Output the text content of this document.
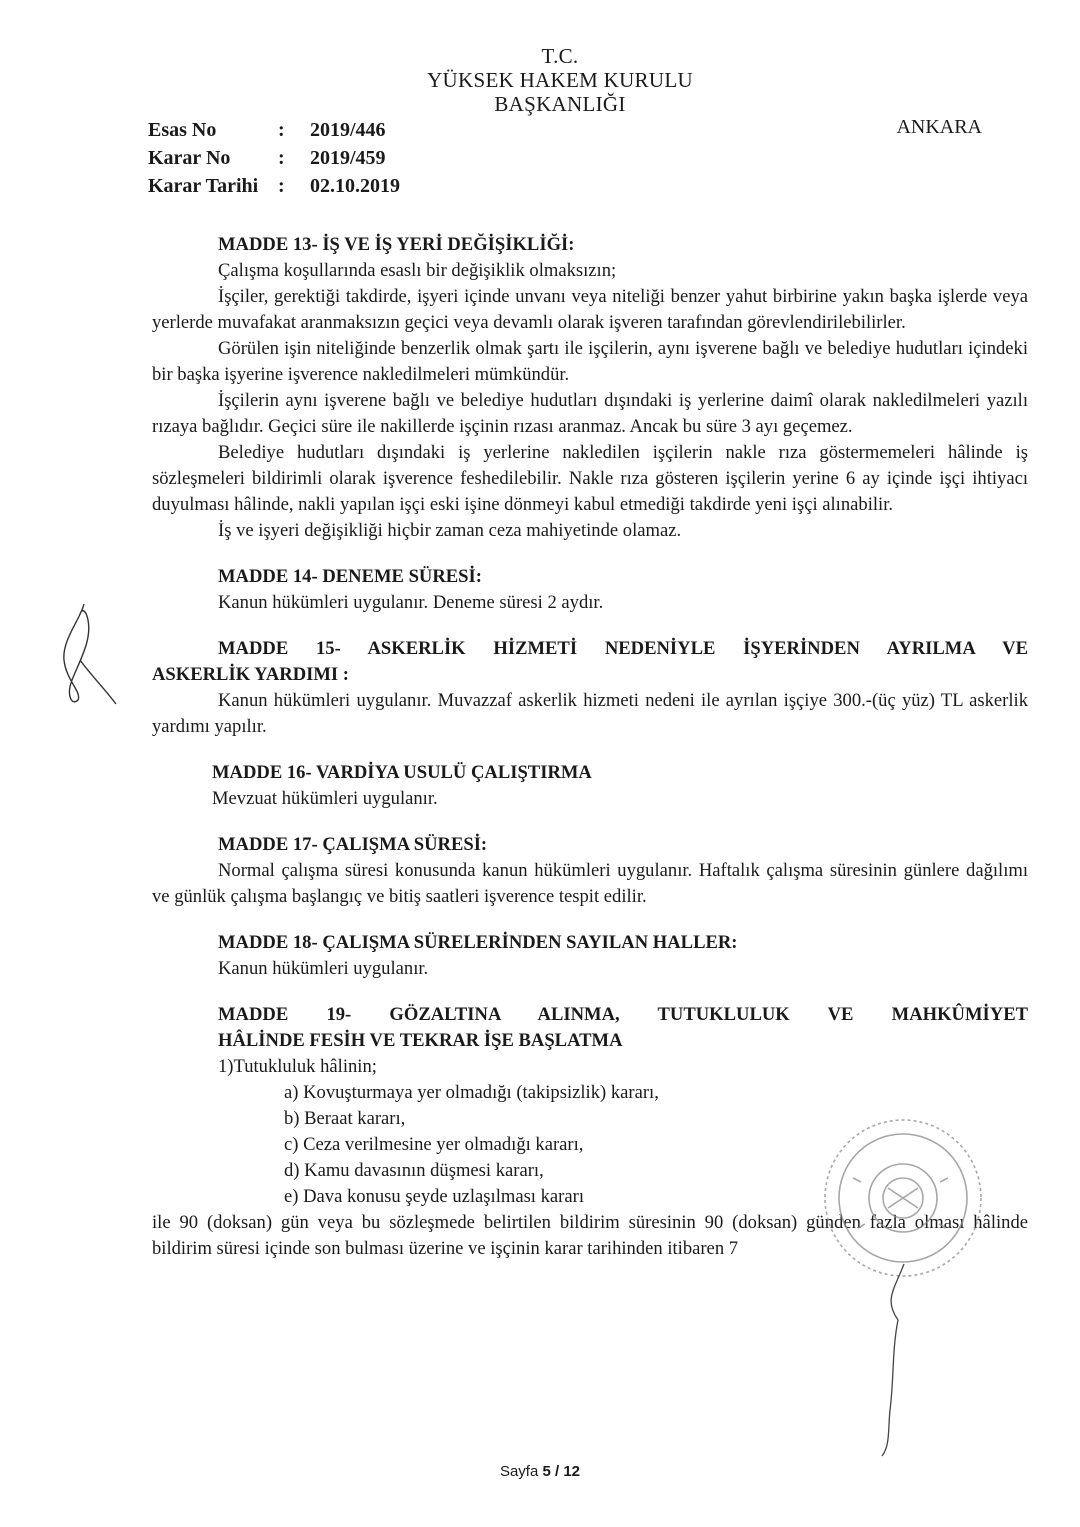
T.C.
YÜKSEK HAKEM KURULU
BAŞKANLIĞI
Esas No	:	2019/446
Karar No	:	2019/459
Karar Tarihi :	02.10.2019
ANKARA
MADDE 13- İŞ VE İŞ YERİ DEĞİŞİKLİĞİ:
Çalışma koşullarında esaslı bir değişiklik olmaksızın;

İşçiler, gerektiği takdirde, işyeri içinde unvanı veya niteliği benzer yahut birbirine yakın başka işlerde veya yerlerde muvafakat aranmaksızın geçici veya devamlı olarak işveren tarafından görevlendirilebilirler.

Görülen işin niteliğinde benzerlik olmak şartı ile işçilerin, aynı işverene bağlı ve belediye hudutları içindeki bir başka işyerine işverence nakledilmeleri mümkündür.

İşçilerin aynı işverene bağlı ve belediye hudutları dışındaki iş yerlerine daimî olarak nakledilmeleri yazılı rızaya bağlıdır. Geçici süre ile nakillerde işçinin rızası aranmaz. Ancak bu süre 3 ayı geçemez.

Belediye hudutları dışındaki iş yerlerine nakledilen işçilerin nakle rıza göstermemeleri hâlinde iş sözleşmeleri bildirimli olarak işverence feshedilebilir. Nakle rıza gösteren işçilerin yerine 6 ay içinde işçi ihtiyacı duyulması hâlinde, nakli yapılan işçi eski işine dönmeyi kabul etmediği takdirde yeni işçi alınabilir.

İş ve işyeri değişikliği hiçbir zaman ceza mahiyetinde olamaz.
MADDE 14- DENEME SÜRESİ:
Kanun hükümleri uygulanır. Deneme süresi 2 aydır.
MADDE 15- ASKERLİK HİZMETİ NEDENİYLE İŞYERİNDEN AYRILMA VE
ASKERLİK YARDIMI :

Kanun hükümleri uygulanır. Muvazzaf askerlik hizmeti nedeni ile ayrılan işçiye 300.-(üç yüz) TL askerlik yardımı yapılır.

MADDE 16- VARDİYA USULÜ ÇALIŞTIRMA
Mevzuat hükümleri uygulanır.
MADDE 17- ÇALIŞMA SÜRESİ:

Normal çalışma süresi konusunda kanun hükümleri uygulanır. Haftalık çalışma süresinin günlere dağılımı ve günlük çalışma başlangıç ve bitiş saatleri işverence tespit edilir.

MADDE 18- ÇALIŞMA SÜRELERİNDEN SAYILAN HALLER:
Kanun hükümleri uygulanır.
MADDE 19- GÖZALTINA ALINMA, TUTUKLULUK VE MAHKÛMİYET
HÂLİNDE FESİH VE TEKRAR İŞE BAŞLATMA
1)Tutukluluk hâlinin;
a) Kovuşturmaya yer olmadığı (takipsizlik) kararı,
b) Beraat kararı,
c) Ceza verilmesine yer olmadığı kararı,
d) Kamu davasının düşmesi kararı,
e) Dava konusu şeyde uzlaşılması kararı

ile 90 (doksan) gün veya bu sözleşmede belirtilen bildirim süresinin 90 (doksan) günden fazla olması hâlinde bildirim süresi içinde son bulması üzerine ve işçinin karar tarihinden itibaren 7

Sayfa 5 / 12
